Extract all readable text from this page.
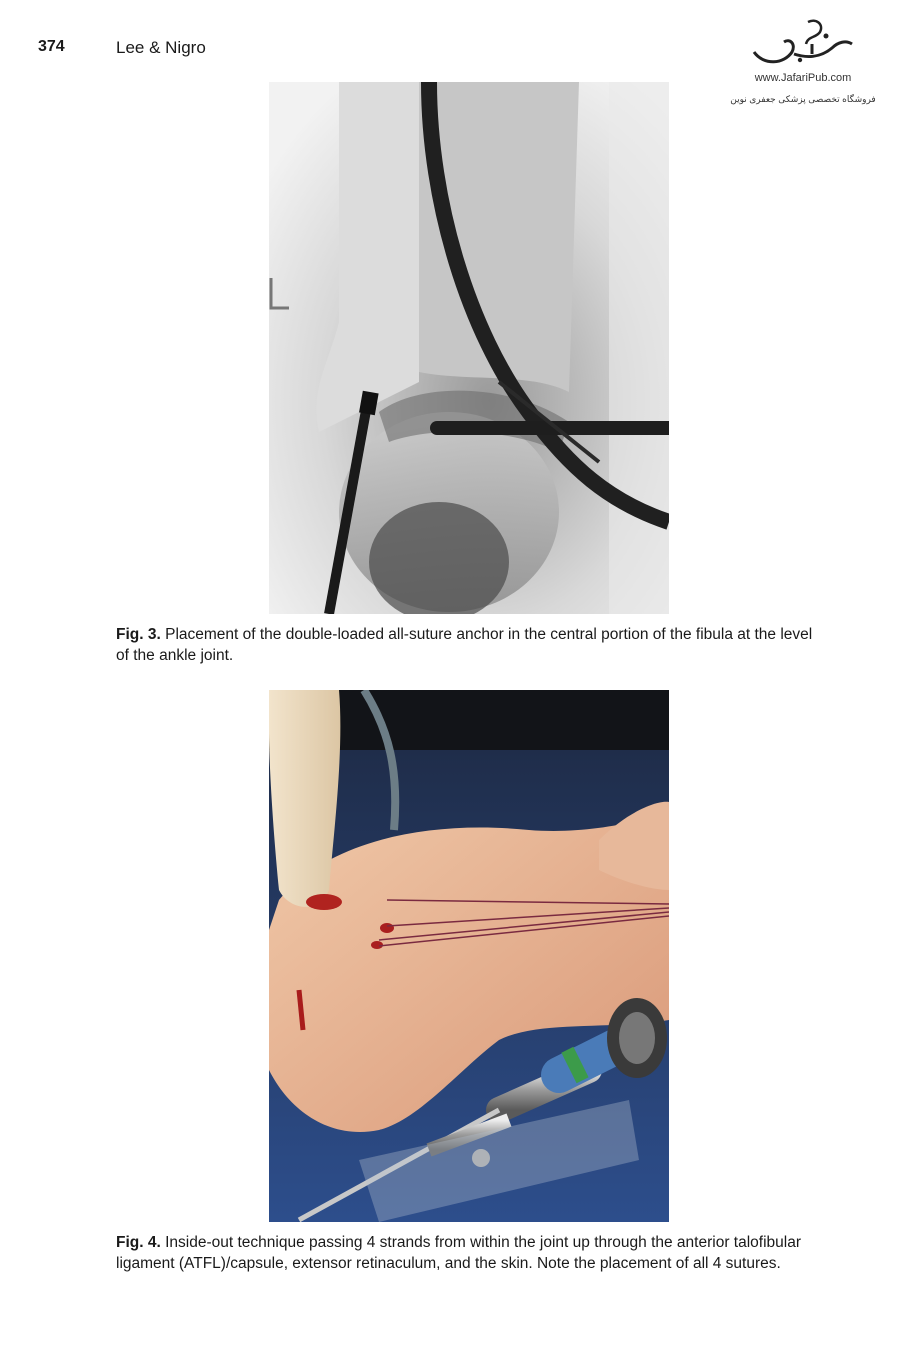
374	Lee & Nigro
www.JafariPub.com
فروشگاه تخصصی پزشکی جعفری نوین
Fig. 3. Placement of the double-loaded all-suture anchor in the central portion of the fibula at the level of the ankle joint.
Fig. 4. Inside-out technique passing 4 strands from within the joint up through the anterior talofibular ligament (ATFL)/capsule, extensor retinaculum, and the skin. Note the placement of all 4 sutures.
